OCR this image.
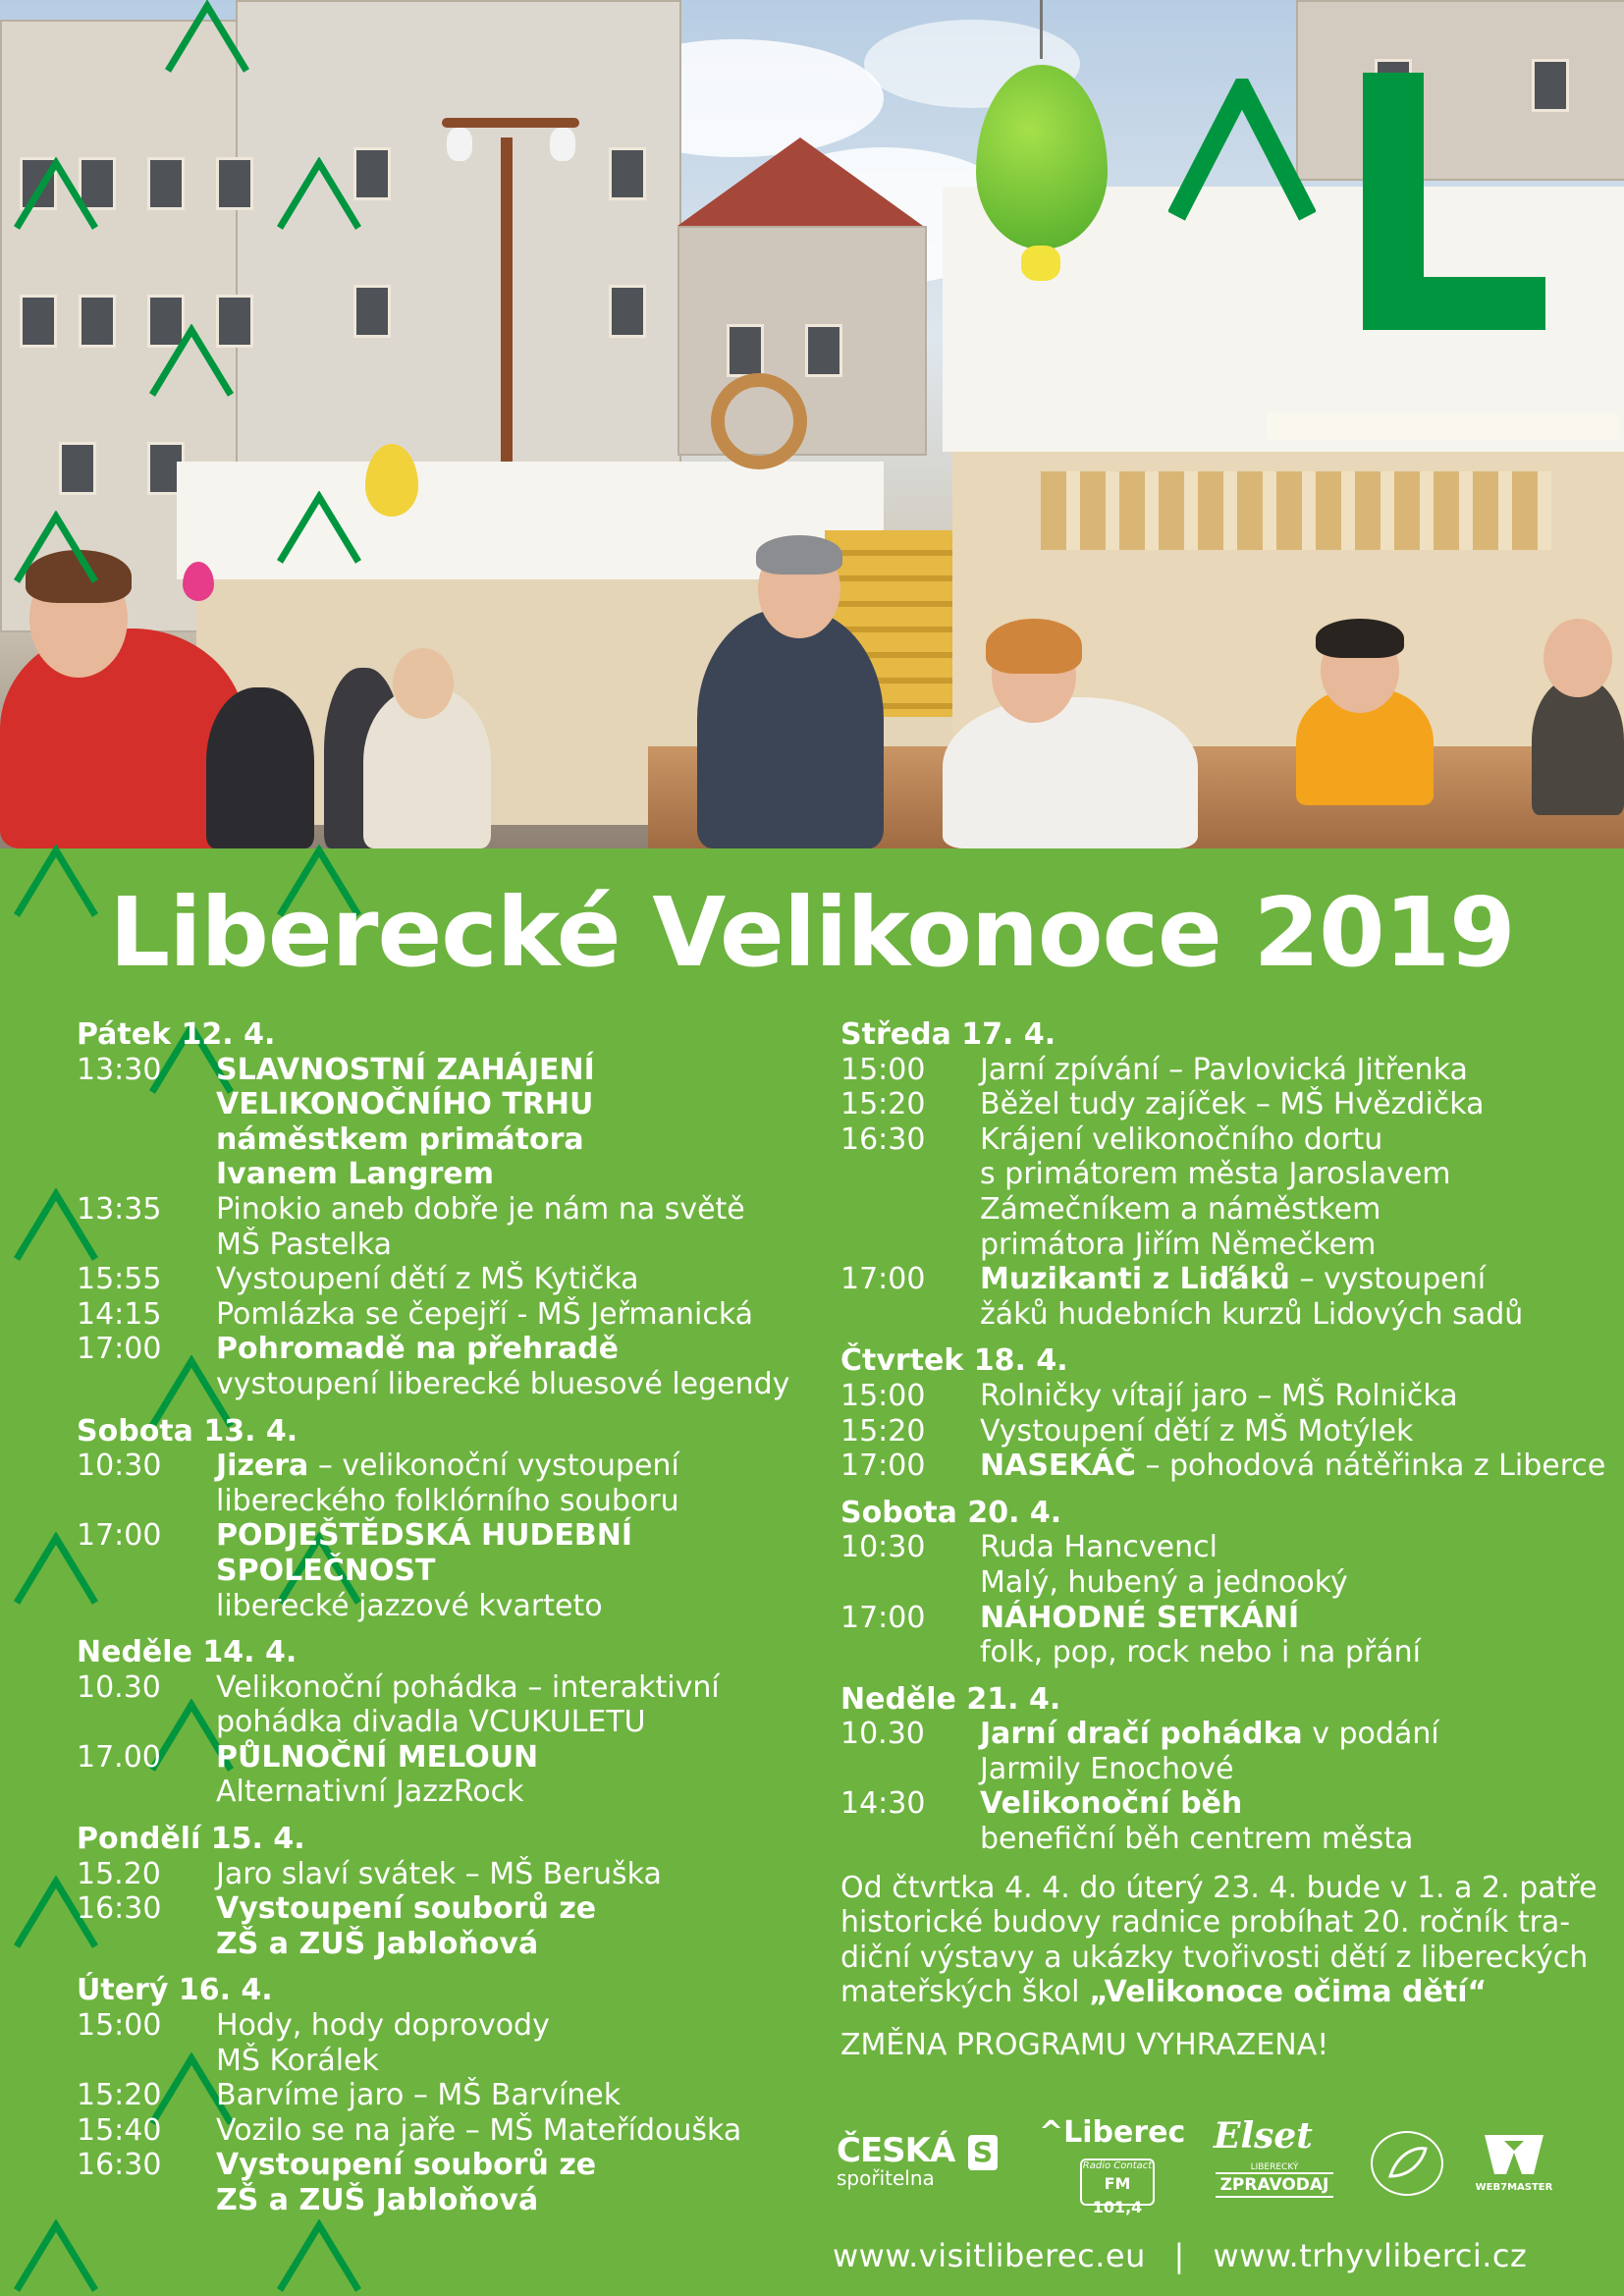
Liberecké Velikonoce 2019
Pátek 12. 4.
13:30	SLAVNOSTNÍ ZAHÁJENÍ
VELIKONOČNÍHO TRHU
náměstkem primátora
Ivanem Langrem
13:35	Pinokio aneb dobře je nám na světě
MŠ Pastelka
15:55	Vystoupení dětí z MŠ Kytička
14:15	Pomlázka se čepejří - MŠ Jeřmanická
17:00	Pohromadě na přehradě
vystoupení liberecké bluesové legendy
Sobota 13. 4.
10:30	Jizera – velikonoční vystoupení
libereckého folklórního souboru
17:00	PODJEŠTĚDSKÁ HUDEBNÍ SPOLEČNOST
liberecké jazzové kvarteto
Neděle 14. 4.
10.30	Velikonoční pohádka – interaktivní
pohádka divadla VCUKULETU
17.00	PŮLNOČNÍ MELOUN
Alternativní JazzRock
Pondělí 15. 4.
15.20	Jaro slaví svátek – MŠ Beruška
16:30	Vystoupení souborů ze
ZŠ a ZUŠ Jabloňová
Úterý 16. 4.
15:00	Hody, hody doprovody
MŠ Korálek
15:20	Barvíme jaro – MŠ Barvínek
15:40	Vozilo se na jaře – MŠ Mateřídouška
16:30	Vystoupení souborů ze
ZŠ a ZUŠ Jabloňová
Středa 17. 4.
15:00	Jarní zpívání – Pavlovická Jitřenka
15:20	Běžel tudy zajíček – MŠ Hvězdička
16:30	Krájení velikonočního dortu
s primátorem města Jaroslavem
Zámečníkem a náměstkem
primátora Jiřím Němečkem
17:00	Muzikanti z Liďáků – vystoupení
žáků hudebních kurzů Lidových sadů
Čtvrtek 18. 4.
15:00	Rolničky vítají jaro – MŠ Rolnička
15:20	Vystoupení dětí z MŠ Motýlek
17:00	NASEKÁČ – pohodová nátěřinka z Liberce
Sobota 20. 4.
10:30	Ruda Hancvencl
Malý, hubený a jednooký
17:00	NÁHODNÉ SETKÁNÍ
folk, pop, rock nebo i na přání
Neděle 21. 4.
10.30	Jarní dračí pohádka v podání
Jarmily Enochové
14:30	Velikonoční běh
benefiční běh centrem města
Od čtvrtka 4. 4. do úterý 23. 4. bude v 1. a 2. patře
historické budovy radnice probíhat 20. ročník tra-
diční výstavy a ukázky tvořivosti dětí z libereckých
mateřských škol „Velikonoce očima dětí“
ZMĚNA PROGRAMU VYHRAZENA!
ČESKÁ
spořitelna
S
^Liberec
Radio Contact
FM 101,4
Elset
LIBERECKÝ
ZPRAVODAJ	WEB7MASTER
www.visitliberec.eu | www.trhyvliberci.cz
